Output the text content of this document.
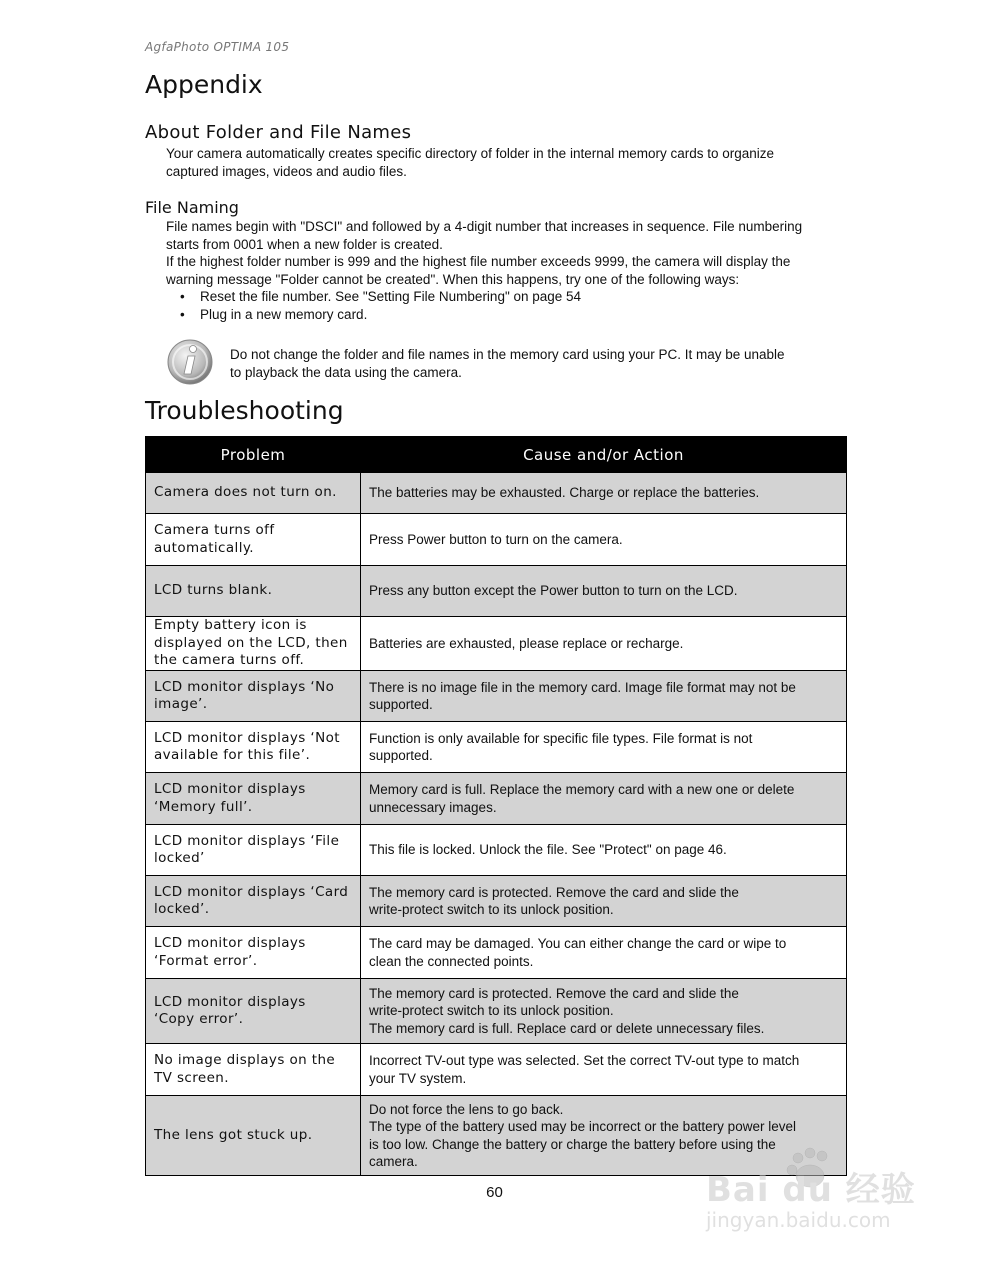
AgfaPhoto OPTIMA 105
Appendix
About Folder and File Names
Your camera automatically creates specific directory of folder in the internal memory cards to organize
captured images, videos and audio files.
File Naming
File names begin with "DSCI" and followed by a 4-digit number that increases in sequence. File numbering
starts from 0001 when a new folder is created.
If the highest folder number is 999 and the highest file number exceeds 9999, the camera will display the
warning message "Folder cannot be created". When this happens, try one of the following ways:
• Reset the file number. See "Setting File Numbering" on page 54
• Plug in a new memory card.
Do not change the folder and file names in the memory card using your PC. It may be unable
to playback the data using the camera.
Troubleshooting
Problem	Cause and/or Action

Camera does not turn on.	The batteries may be exhausted. Charge or replace the batteries.

Camera turns off
automatically.	Press Power button to turn on the camera.

LCD turns blank.	Press any button except the Power button to turn on the LCD.

Empty battery icon is
displayed on the LCD, then
the camera turns off.	Batteries are exhausted, please replace or recharge.

LCD monitor displays ‘No
image’.	There is no image file in the memory card. Image file format may not be
supported.

LCD monitor displays ‘Not
available for this file’.	Function is only available for specific file types. File format is not
supported.

LCD monitor displays
‘Memory full’.	Memory card is full. Replace the memory card with a new one or delete
unnecessary images.

LCD monitor displays ‘File
locked’	This file is locked. Unlock the file. See "Protect" on page 46.

LCD monitor displays ‘Card
locked’.	The memory card is protected. Remove the card and slide the
write-protect switch to its unlock position.

LCD monitor displays
‘Format error’.	The card may be damaged. You can either change the card or wipe to
clean the connected points.

LCD monitor displays
‘Copy error’.	The memory card is protected. Remove the card and slide the
write-protect switch to its unlock position.
The memory card is full. Replace card or delete unnecessary files.

No image displays on the
TV screen.	Incorrect TV-out type was selected. Set the correct TV-out type to match
your TV system.

The lens got stuck up.	Do not force the lens to go back.
The type of the battery used may be incorrect or the battery power level
is too low. Change the battery or charge the battery before using the
camera.
60	Bai du 经验
jingyan.baidu.com
